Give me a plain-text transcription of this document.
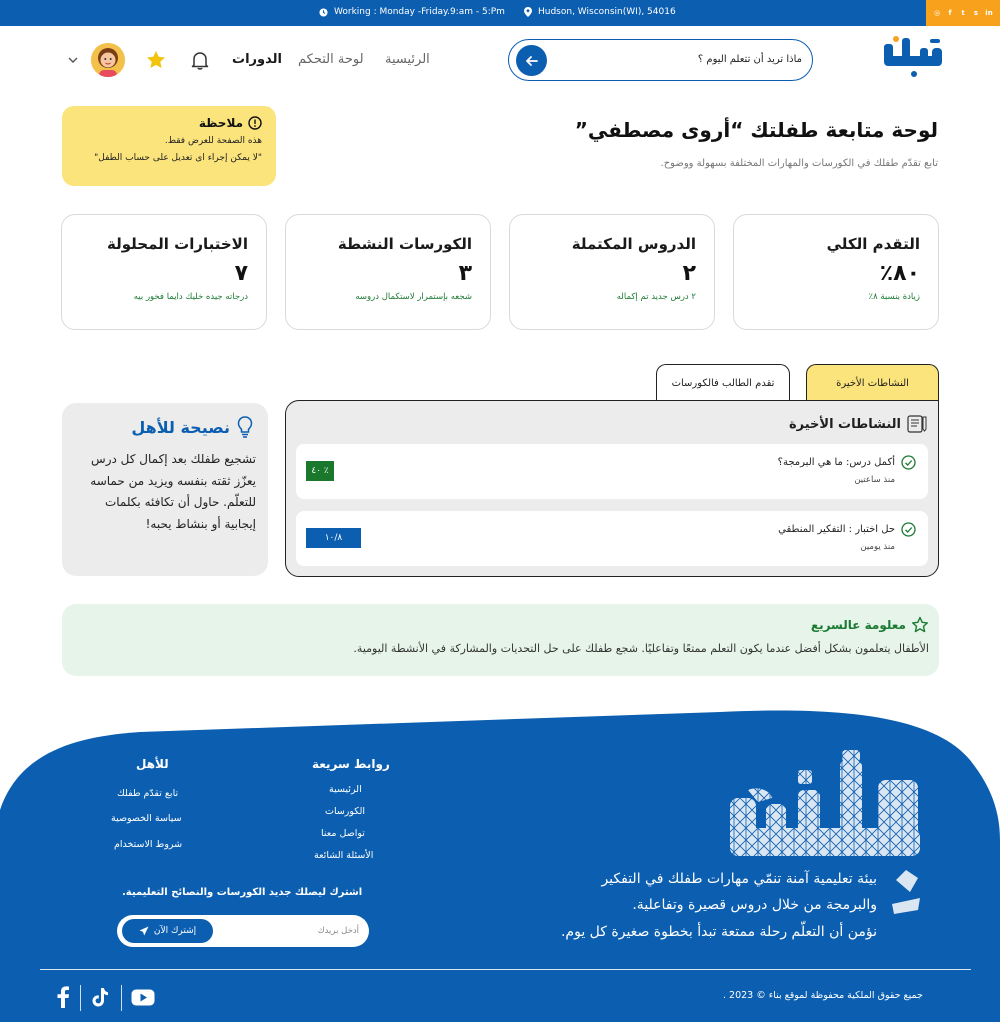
Working : Monday -Friday.9:am - 5:Pm	Hudson, Wisconsin(WI), 54016	◎	f	t	s in
ماذا تريد أن تتعلم اليوم ؟
الرئيسية
لوحة التحكم
الدورات
لوحة متابعة طفلتك “أروى مصطفي”

تابع تقدّم طفلك في الكورسات والمهارات المختلفة بسهولة ووضوح.

ملاحظة
هذه الصفحة للعرض فقط.
"لا يمكن إجراء اى تعديل على حساب الطفل"
التقدم الكلي
٨٠٪
زيادة بنسبة ٨٪
الدروس المكتملة
٢
٢ درس جديد تم إكماله
الكورسات النشطة
٣
شجعه بإستمرار لاستكمال دروسه
الاختبارات المحلولة
٧
درجاته جيده خليك دايما فخور بيه
النشاطات الأخيرة
تقدم الطالب فالكورسات
النشاطات الأخيرة
أكمل درس: ما هي البرمجة؟
منذ ساعتين
٤٠ ٪
حل اختبار : التفكير المنطقي
منذ يومين
١٠/٨
نصيحة للأهل

تشجيع طفلك بعد إكمال كل درس يعزّز ثقته بنفسه ويزيد من حماسه للتعلّم. حاول أن تكافئه بكلمات إيجابية أو بنشاط يحبه!

معلومة عالسريع

الأطفال يتعلمون بشكل أفضل عندما يكون التعلم ممتعًا وتفاعليًا. شجع طفلك على حل التحديات والمشاركة في الأنشطة اليومية.

بيئة تعليمية آمنة تنمّي مهارات طفلك في التفكير
والبرمجة من خلال دروس قصيرة وتفاعلية.
نؤمن أن التعلّم رحلة ممتعة تبدأ بخطوة صغيرة كل يوم.
روابط سريعة
الرئيسية
الكورسات
تواصل معنا
الأسئلة الشائعة
للأهل
تابع تقدّم طفلك
سياسة الخصوصية
شروط الاستخدام
اشترك ليصلك جديد الكورسات والنصائح التعليمية.
أدخل بريدك
إشترك الآن
جميع حقوق الملكية محفوظة لموقع بناء © 2023 .
